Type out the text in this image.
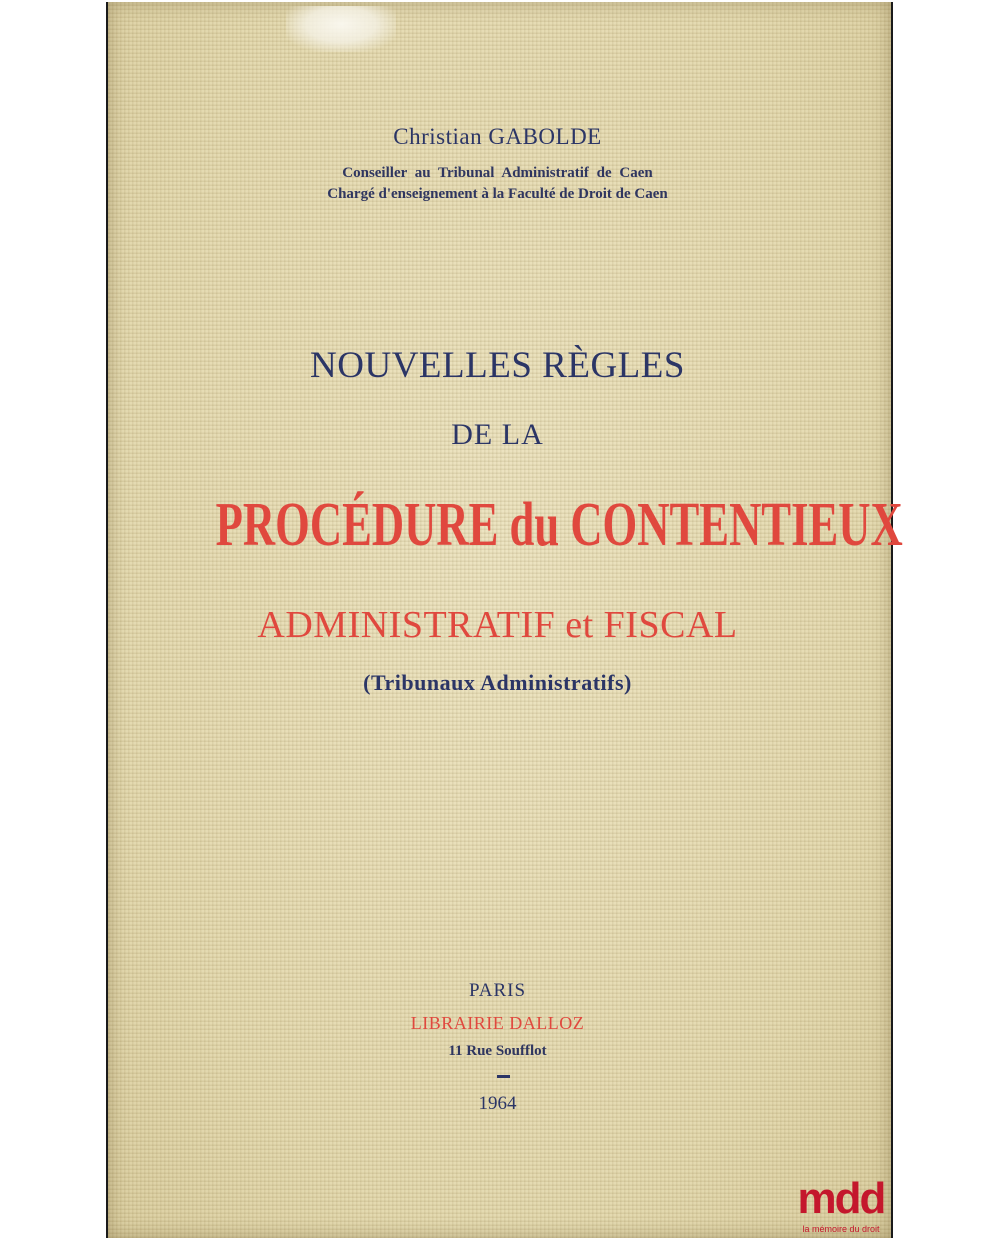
Christian GABOLDE
Conseiller au Tribunal Administratif de Caen
Chargé d'enseignement à la Faculté de Droit de Caen
NOUVELLES RÈGLES
DE LA
PROCÉDURE du CONTENTIEUX
ADMINISTRATIF et FISCAL
(Tribunaux Administratifs)
PARIS
LIBRAIRIE DALLOZ
11 Rue Soufflot
1964
mdd
la mémoire du droit
